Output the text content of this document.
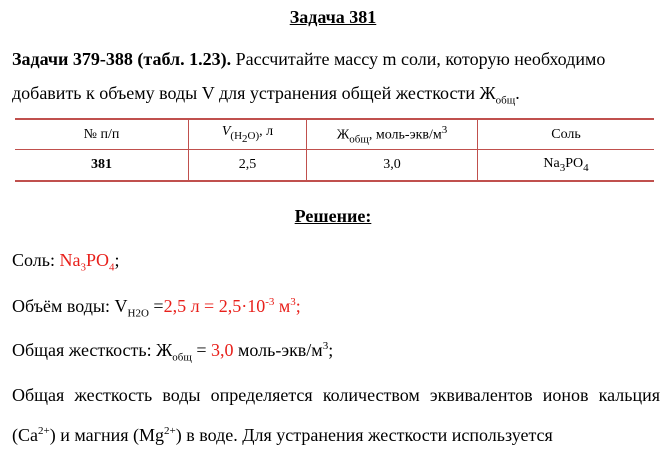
Задача 381
Задачи 379-388 (табл. 1.23). Рассчитайте массу m соли, которую необходимо добавить к объему воды V для устранения общей жесткости $Ж_{общ}$.
№ п/п	$V_{(H_2O)}$, л	$Ж_{общ}$, моль-$экв/м^3$	Соль
381	2,5	3,0	$Na_3PO_4$
Решение:
Соль: $Na_3PO_4$;
Объём воды: $V_{H2O} =2,5$ $л = 2,5\cdot 10^{-3}$ $м^3$;
Общая жесткость: $Ж_{общ} = 3,0$ моль-$экв/м^3$;
Общая жесткость воды определяется количеством эквивалентов ионов кальция $(Ca^{2+})$ и магния $(Mg^{2+})$ в воде. Для устранения жесткости используется
